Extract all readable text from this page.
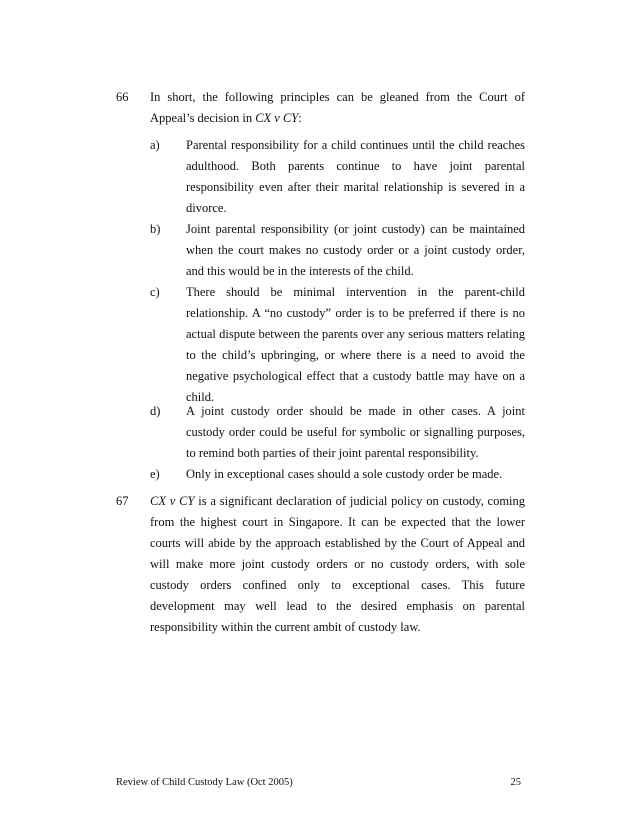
66	In short, the following principles can be gleaned from the Court of Appeal’s decision in CX v CY:
a) Parental responsibility for a child continues until the child reaches adulthood. Both parents continue to have joint parental responsibility even after their marital relationship is severed in a divorce.
b) Joint parental responsibility (or joint custody) can be maintained when the court makes no custody order or a joint custody order, and this would be in the interests of the child.
c) There should be minimal intervention in the parent-child relationship. A “no custody” order is to be preferred if there is no actual dispute between the parents over any serious matters relating to the child’s upbringing, or where there is a need to avoid the negative psychological effect that a custody battle may have on a child.
d) A joint custody order should be made in other cases. A joint custody order could be useful for symbolic or signalling purposes, to remind both parties of their joint parental responsibility.
e) Only in exceptional cases should a sole custody order be made.
67	CX v CY is a significant declaration of judicial policy on custody, coming from the highest court in Singapore. It can be expected that the lower courts will abide by the approach established by the Court of Appeal and will make more joint custody orders or no custody orders, with sole custody orders confined only to exceptional cases. This future development may well lead to the desired emphasis on parental responsibility within the current ambit of custody law.
Review of Child Custody Law (Oct 2005)	25
